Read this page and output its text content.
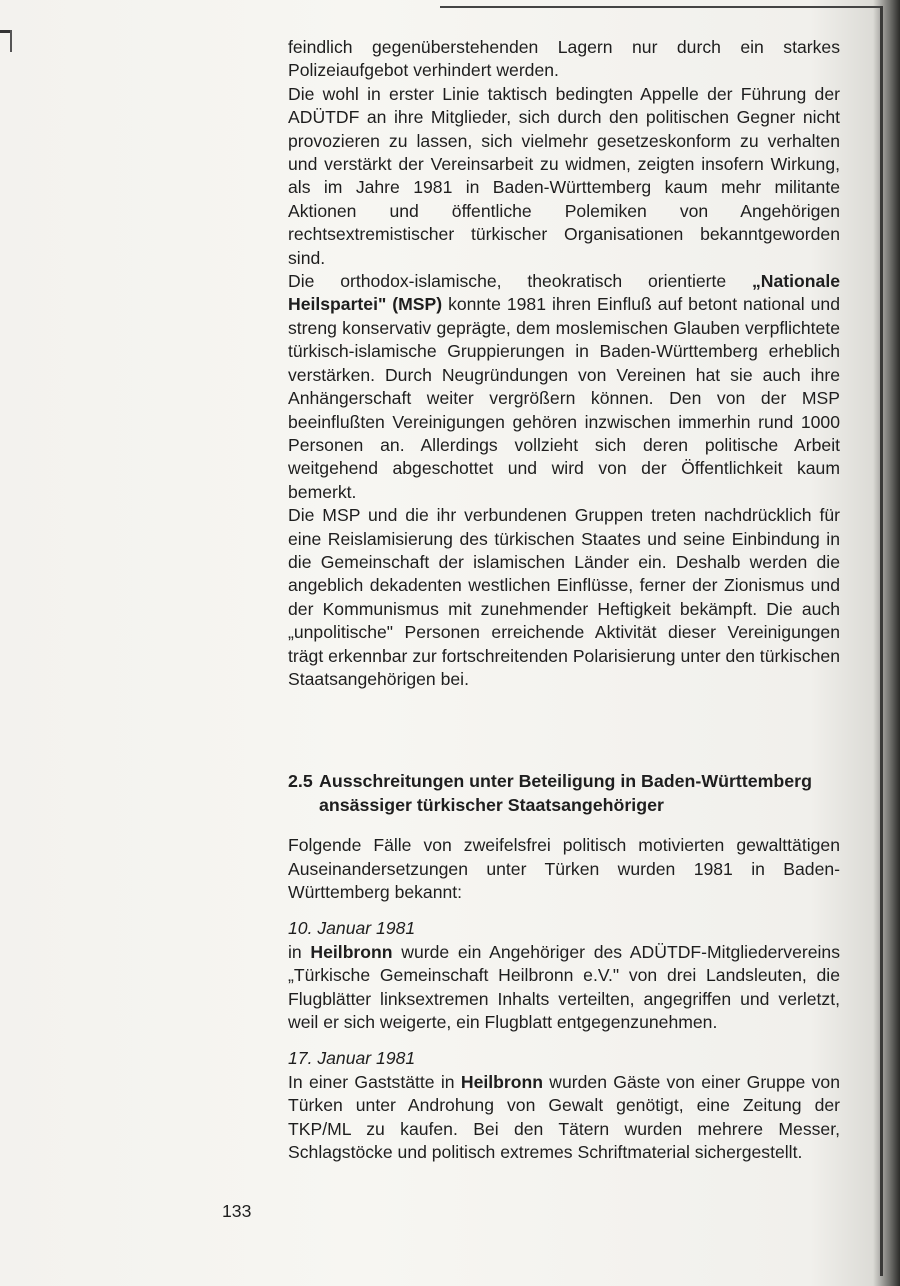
feindlich gegenüberstehenden Lagern nur durch ein starkes Polizeiaufgebot verhindert werden.

Die wohl in erster Linie taktisch bedingten Appelle der Führung der ADÜTDF an ihre Mitglieder, sich durch den politischen Gegner nicht provozieren zu lassen, sich vielmehr gesetzeskonform zu verhalten und verstärkt der Vereinsarbeit zu widmen, zeigten insofern Wirkung, als im Jahre 1981 in Baden-Württemberg kaum mehr militante Aktionen und öffentliche Polemiken von Angehörigen rechtsextremistischer türkischer Organisationen bekanntgeworden sind.

Die orthodox-islamische, theokratisch orientierte „Nationale Heilspartei" (MSP) konnte 1981 ihren Einfluß auf betont national und streng konservativ geprägte, dem moslemischen Glauben verpflichtete türkisch-islamische Gruppierungen in Baden-Württemberg erheblich verstärken. Durch Neugründungen von Vereinen hat sie auch ihre Anhängerschaft weiter vergrößern können. Den von der MSP beeinflußten Vereinigungen gehören inzwischen immerhin rund 1000 Personen an. Allerdings vollzieht sich deren politische Arbeit weitgehend abgeschottet und wird von der Öffentlichkeit kaum bemerkt.

Die MSP und die ihr verbundenen Gruppen treten nachdrücklich für eine Reislamisierung des türkischen Staates und seine Einbindung in die Gemeinschaft der islamischen Länder ein. Deshalb werden die angeblich dekadenten westlichen Einflüsse, ferner der Zionismus und der Kommunismus mit zunehmender Heftigkeit bekämpft. Die auch „unpolitische" Personen erreichende Aktivität dieser Vereinigungen trägt erkennbar zur fortschreitenden Polarisierung unter den türkischen Staatsangehörigen bei.

2.5 Ausschreitungen unter Beteiligung in Baden-Württemberg ansässiger türkischer Staatsangehöriger

Folgende Fälle von zweifelsfrei politisch motivierten gewalttätigen Auseinandersetzungen unter Türken wurden 1981 in Baden-Württemberg bekannt:

10. Januar 1981

in Heilbronn wurde ein Angehöriger des ADÜTDF-Mitgliedervereins „Türkische Gemeinschaft Heilbronn e.V." von drei Landsleuten, die Flugblätter linksextremen Inhalts verteilten, angegriffen und verletzt, weil er sich weigerte, ein Flugblatt entgegenzunehmen.

17. Januar 1981

In einer Gaststätte in Heilbronn wurden Gäste von einer Gruppe von Türken unter Androhung von Gewalt genötigt, eine Zeitung der TKP/ML zu kaufen. Bei den Tätern wurden mehrere Messer, Schlagstöcke und politisch extremes Schriftmaterial sichergestellt.

133
